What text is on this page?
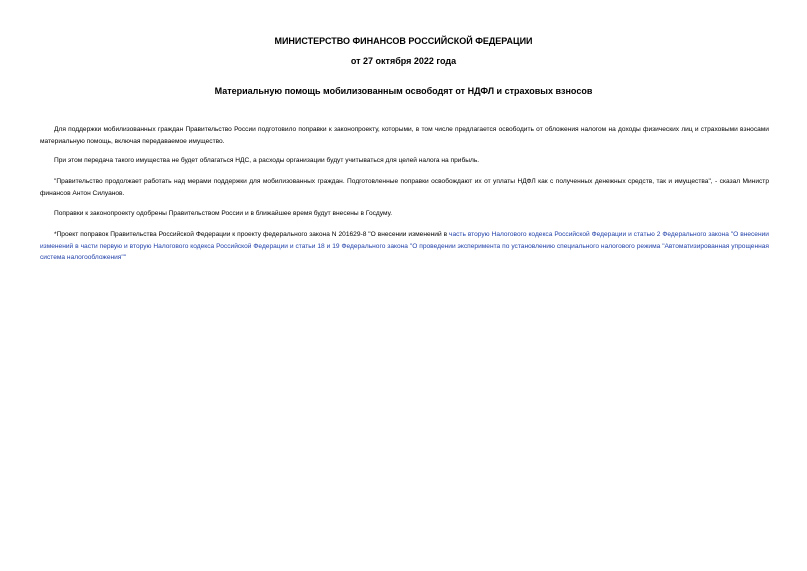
МИНИСТЕРСТВО ФИНАНСОВ РОССИЙСКОЙ ФЕДЕРАЦИИ
от 27 октября 2022 года
Материальную помощь мобилизованным освободят от НДФЛ и страховых взносов

Для поддержки мобилизованных граждан Правительство России подготовило поправки к законопроекту, которыми, в том числе предлагается освободить от обложения налогом на доходы физических лиц и страховыми взносами материальную помощь, включая передаваемое имущество.

При этом передача такого имущества не будет облагаться НДС, а расходы организации будут учитываться для целей налога на прибыль.

"Правительство продолжает работать над мерами поддержки для мобилизованных граждан. Подготовленные поправки освобождают их от уплаты НДФЛ как с полученных денежных средств, так и имущества", - сказал Министр финансов Антон Силуанов.

Поправки к законопроекту одобрены Правительством России и в ближайшее время будут внесены в Госдуму.

*Проект поправок Правительства Российской Федерации к проекту федерального закона N 201629-8 "О внесении изменений в часть вторую Налогового кодекса Российской Федерации и статью 2 Федерального закона "О внесении изменений в части первую и вторую Налогового кодекса Российской Федерации и статьи 18 и 19 Федерального закона "О проведении эксперимента по установлению специального налогового режима "Автоматизированная упрощенная система налогообложения""
